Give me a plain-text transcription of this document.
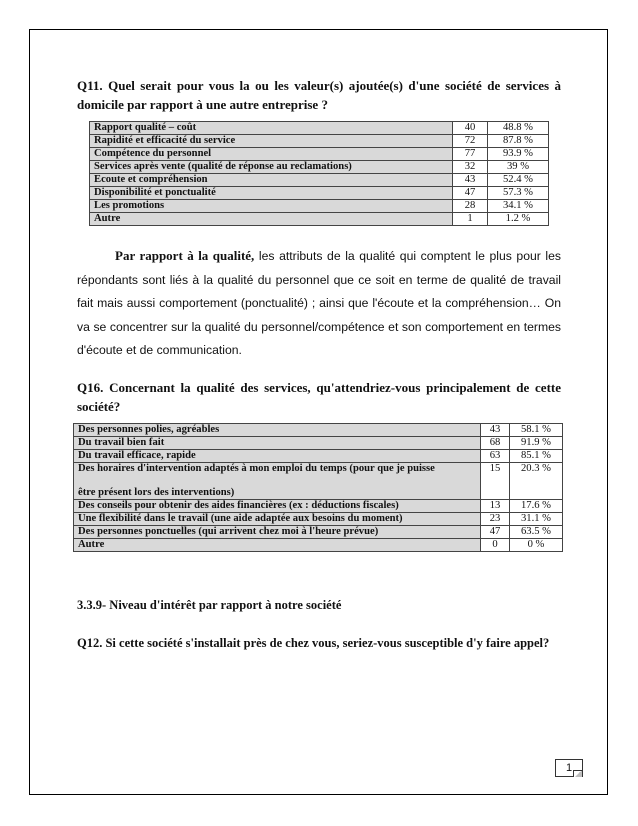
Q11. Quel serait pour vous la ou les valeur(s) ajoutée(s) d'une société de services à domicile par rapport à une autre entreprise ?

Rapport qualité – coût	40	48.8 %
Rapidité et efficacité du service	72	87.8 %
Compétence du personnel	77	93.9 %
Services après vente (qualité de réponse au reclamations)	32	39 %
Ecoute et compréhension	43	52.4 %
Disponibilité et ponctualité	47	57.3 %
Les promotions	28	34.1 %
Autre	1	1.2 %

Par rapport à la qualité, les attributs de la qualité qui comptent le plus pour les répondants sont liés à la qualité du personnel que ce soit en terme de qualité de travail fait mais aussi comportement (ponctualité) ; ainsi que l'écoute et la compréhension… On va se concentrer sur la qualité du personnel/compétence et son comportement en termes d'écoute et de communication.

Q16. Concernant la qualité des services, qu'attendriez-vous principalement de cette société?

Des personnes polies, agréables	43	58.1 %
Du travail bien fait	68	91.9 %
Du travail efficace, rapide	63	85.1 %

Des horaires d'intervention adaptés à mon emploi du temps (pour que je puisse
être présent lors des interventions)	15	20.3 %
Des conseils pour obtenir des aides financières (ex : déductions fiscales)	13	17.6 %
Une flexibilité dans le travail (une aide adaptée aux besoins du moment)	23	31.1 %
Des personnes ponctuelles (qui arrivent chez moi à l'heure prévue)	47	63.5 %
Autre	0	0 %

3.3.9- Niveau d'intérêt par rapport à notre société

Q12. Si cette société s'installait près de chez vous, seriez-vous susceptible d'y faire appel?

1
